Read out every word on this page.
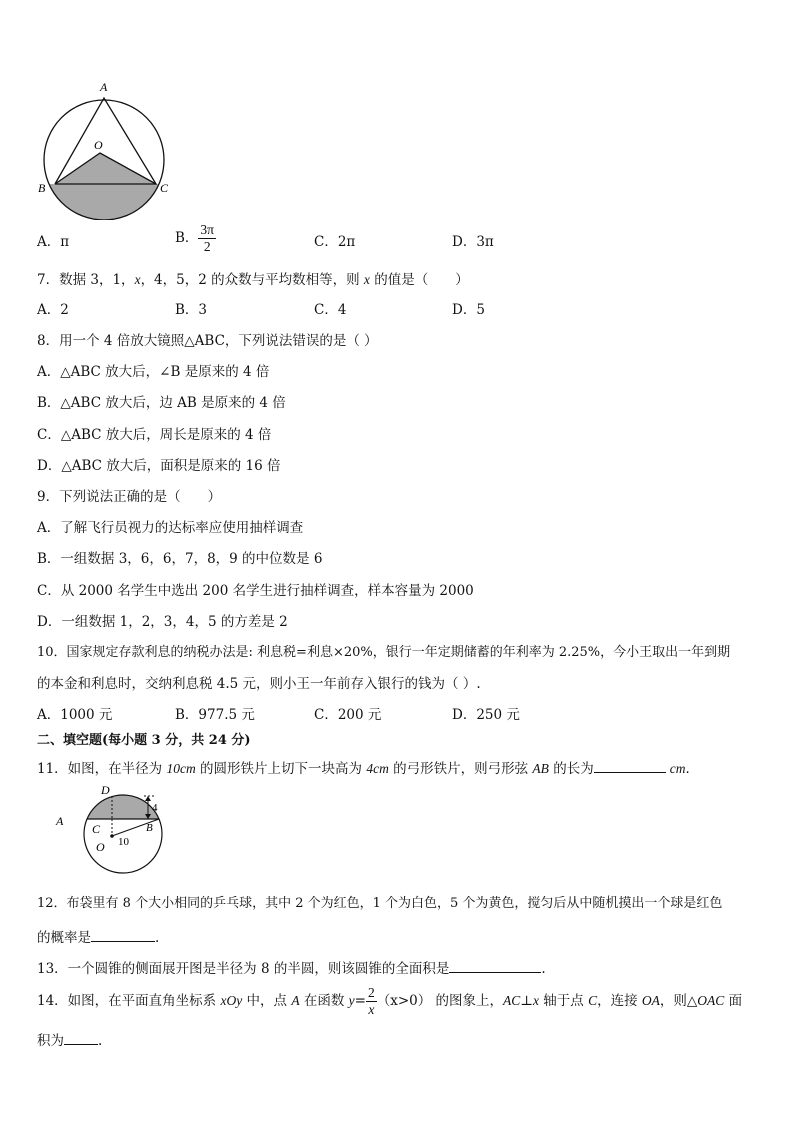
A
O
B	C
A．π	B． $\frac{3\pi}{2}$	C．2π	D．3π
7．数据 3，1，x，4，5，2 的众数与平均数相等，则 x 的值是（　　）
A．2	B．3	C．4	D．5
8．用一个 4 倍放大镜照△ABC，下列说法错误的是（ ）
A．△ABC 放大后，∠B 是原来的 4 倍
B．△ABC 放大后，边 AB 是原来的 4 倍
C．△ABC 放大后，周长是原来的 4 倍
D．△ABC 放大后，面积是原来的 16 倍
9．下列说法正确的是（　　）
A．了解飞行员视力的达标率应使用抽样调查
B．一组数据 3，6，6，7，8，9 的中位数是 6
C．从 2000 名学生中选出 200 名学生进行抽样调查，样本容量为 2000
D．一组数据 1，2，3，4，5 的方差是 2
10．国家规定存款利息的纳税办法是: 利息税=利息×20%，银行一年定期储蓄的年利率为 2.25%，今小王取出一年到期
的本金和利息时，交纳利息税 4.5 元，则小王一年前存入银行的钱为（ ）.
A．1000 元	B．977.5 元	C．200 元	D．250 元
二、填空题(每小题 3 分，共 24 分)
11．如图，在半径为 10cm 的圆形铁片上切下一块高为 4cm 的弓形铁片，则弓形弦 AB 的长为	cm．
D
A
C	B
O
4
10
12．布袋里有 8 个大小相同的乒乓球，其中 2 个为红色，1 个为白色，5 个为黄色，搅匀后从中随机摸出一个球是红色
的概率是	.
13．一个圆锥的侧面展开图是半径为 8 的半圆，则该圆锥的全面积是	.
14．如图，在平面直角坐标系 xOy 中，点 A 在函数 $y= \frac{2}{x} (x>0)$ 的图象上，AC⊥x 轴于点 C，连接 OA，则△OAC 面
积为	.
